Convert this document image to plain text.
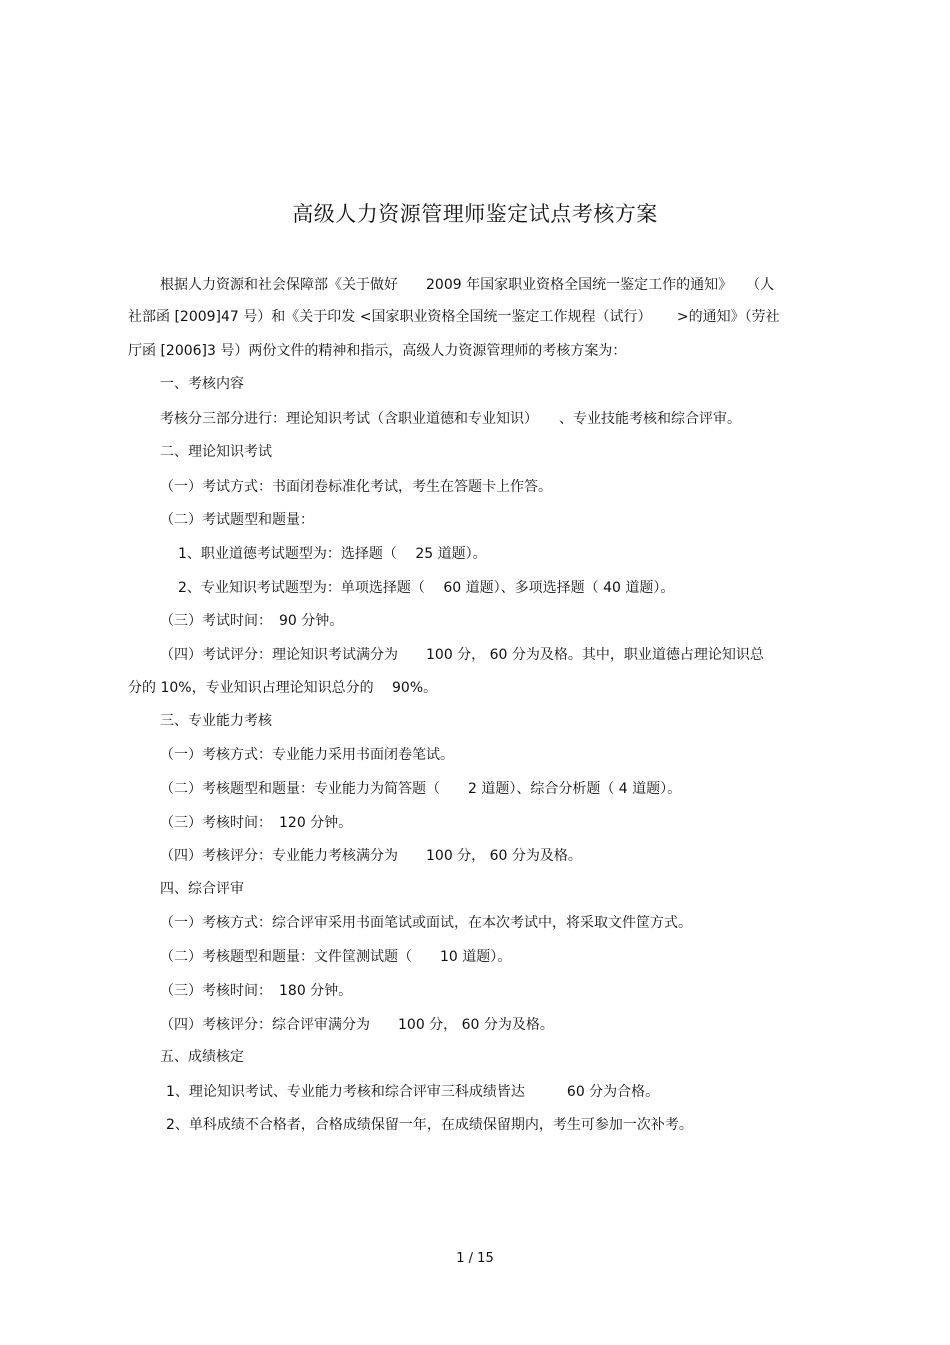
高级人力资源管理师鉴定试点考核方案
根据人力资源和社会保障部《关于做好　　2009 年国家职业资格全国统一鉴定工作的通知》　　（人
社部函 [2009]47 号）和《关于印发 <国家职业资格全国统一鉴定工作规程（试行）　　 >的通知》（劳社
厅函 [2006]3 号）两份文件的精神和指示，高级人力资源管理师的考核方案为：
一、考核内容
考核分三部分进行：理论知识考试（含职业道德和专业知识）　　、专业技能考核和综合评审。
二、理论知识考试
（一）考试方式：书面闭卷标准化考试，考生在答题卡上作答。
（二）考试题型和题量：
1、职业道德考试题型为：选择题（　 25 道题）。
2、专业知识考试题型为：单项选择题（　 60 道题）、多项选择题（ 40 道题）。
（三）考试时间：　90 分钟。
（四）考试评分：理论知识考试满分为　　100 分， 60 分为及格。其中，职业道德占理论知识总
分的 10%，专业知识占理论知识总分的　 90%。
三、专业能力考核
（一）考核方式：专业能力采用书面闭卷笔试。
（二）考核题型和题量：专业能力为简答题（　　2 道题）、综合分析题（ 4 道题）。
（三）考核时间：　120 分钟。
（四）考核评分：专业能力考核满分为　　100 分， 60 分为及格。
四、综合评审
（一）考核方式：综合评审采用书面笔试或面试，在本次考试中，将采取文件筐方式。
（二）考核题型和题量：文件筐测试题（　　10 道题）。
（三）考核时间：　180 分钟。
（四）考核评分：综合评审满分为　　100 分， 60 分为及格。
五、成绩核定
1、理论知识考试、专业能力考核和综合评审三科成绩皆达　　　60 分为合格。
2、单科成绩不合格者，合格成绩保留一年，在成绩保留期内，考生可参加一次补考。
1 / 15
